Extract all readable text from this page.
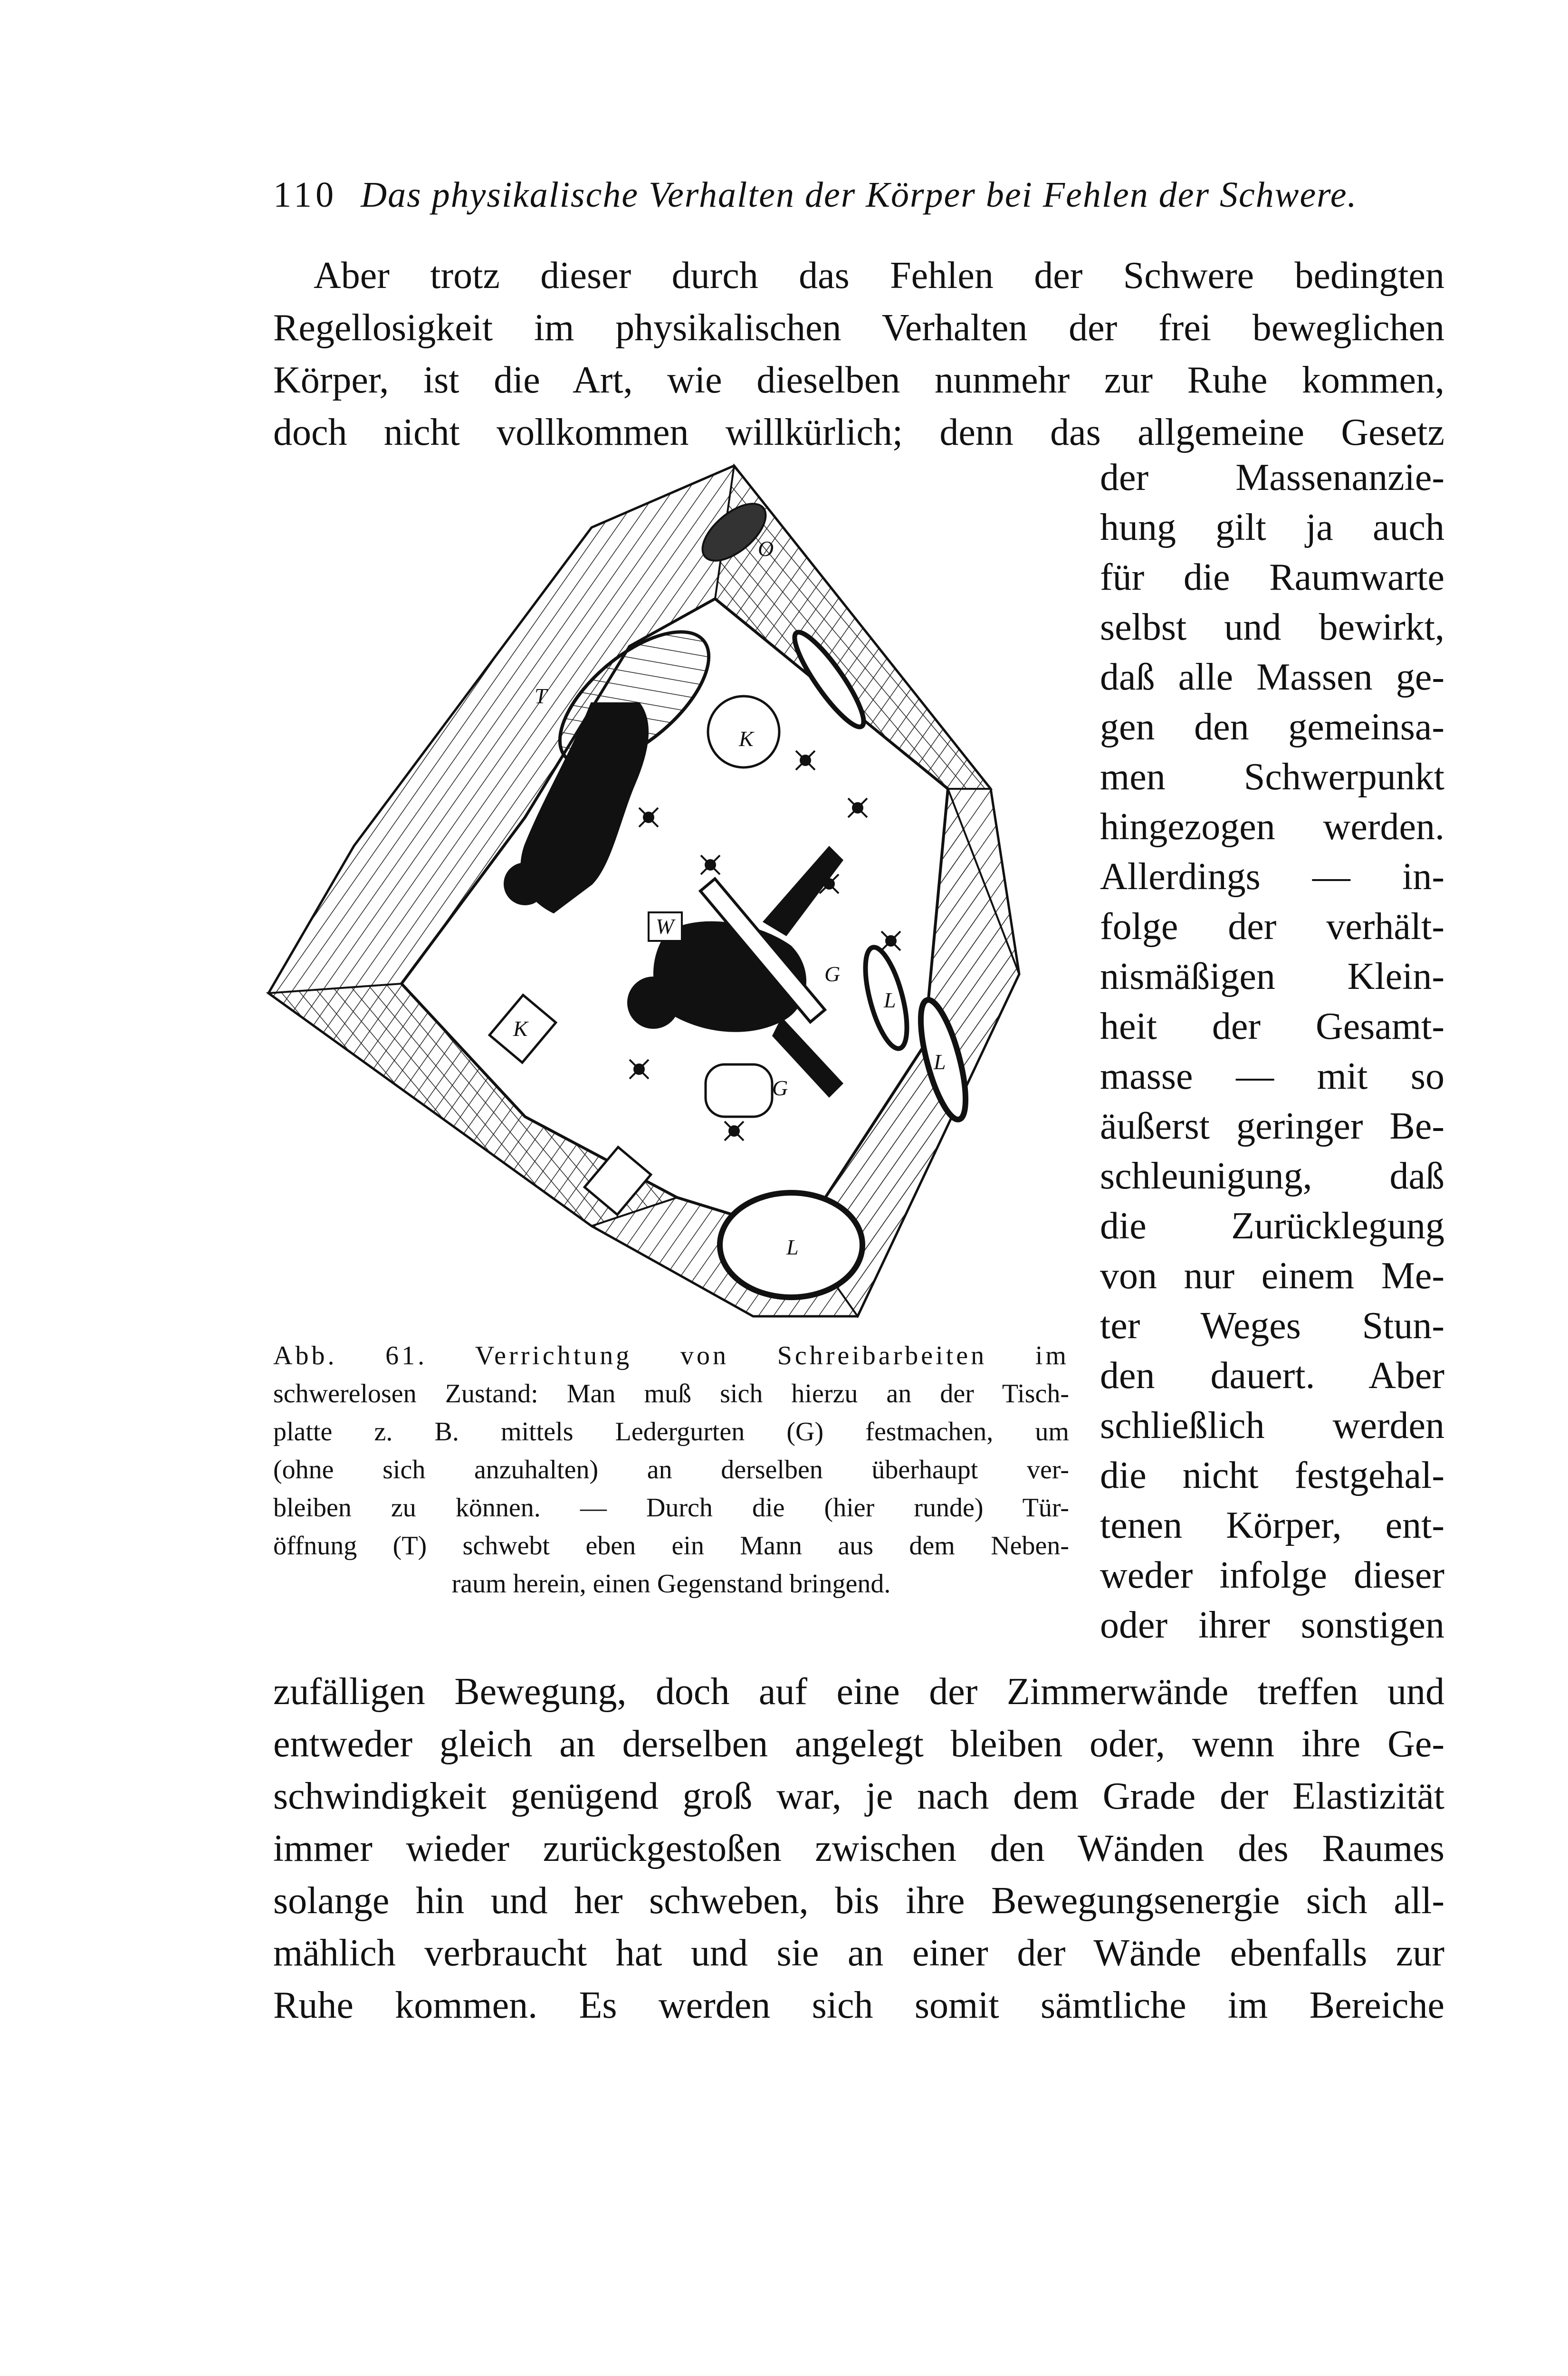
110 Das physikalische Verhalten der Körper bei Fehlen der Schwere.
Aber trotz dieser durch das Fehlen der Schwere bedingten
Regellosigkeit im physikalischen Verhalten der frei beweglichen
Körper, ist die Art, wie dieselben nunmehr zur Ruhe kommen,
doch nicht vollkommen willkürlich; denn das allgemeine Gesetz
der Massenanzie-
hung gilt ja auch
für die Raumwarte
selbst und bewirkt,
daß alle Massen ge-
gen den gemeinsa-
men Schwerpunkt
hingezogen werden.
Allerdings — in-
folge der verhält-
nismäßigen Klein-
heit der Gesamt-
masse — mit so
äußerst geringer Be-
schleunigung, daß
die Zurücklegung
von nur einem Me-
ter Weges Stun-
den dauert. Aber
schließlich werden
die nicht festgehal-
tenen Körper, ent-
weder infolge dieser
oder ihrer sonstigen
T
K
G
G
K
W
L
L
L
O
Abb. 61. Verrichtung von Schreibarbeiten im
schwerelosen Zustand: Man muß sich hierzu an der Tisch-
platte z. B. mittels Ledergurten (G) festmachen, um
(ohne sich anzuhalten) an derselben überhaupt ver-
bleiben zu können. — Durch die (hier runde) Tür-
öffnung (T) schwebt eben ein Mann aus dem Neben-
raum herein, einen Gegenstand bringend.
zufälligen Bewegung, doch auf eine der Zimmerwände treffen und
entweder gleich an derselben angelegt bleiben oder, wenn ihre Ge-
schwindigkeit genügend groß war, je nach dem Grade der Elastizität
immer wieder zurückgestoßen zwischen den Wänden des Raumes
solange hin und her schweben, bis ihre Bewegungsenergie sich all-
mählich verbraucht hat und sie an einer der Wände ebenfalls zur
Ruhe kommen. Es werden sich somit sämtliche im Bereiche
